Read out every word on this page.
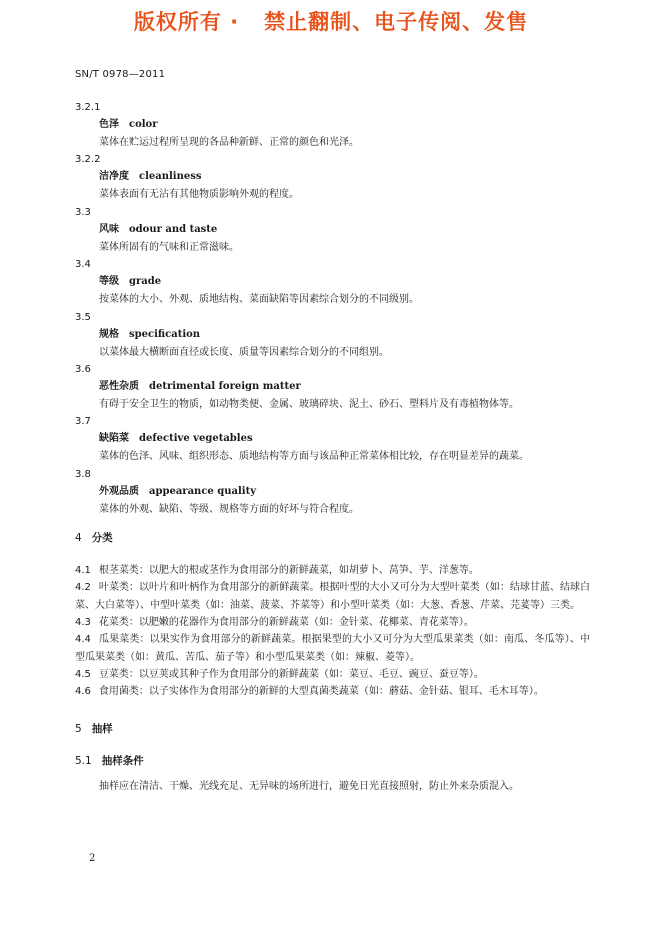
版权所有 ·   禁止翻制、电子传阅、发售
SN/T 0978—2011
3.2.1
色泽 color
菜体在贮运过程所呈现的各品种新鲜、正常的颜色和光泽。
3.2.2
洁净度 cleanliness
菜体表面有无沾有其他物质影响外观的程度。
3.3
风味 odour and taste
菜体所固有的气味和正常滋味。
3.4
等级 grade
按菜体的大小、外观、质地结构、菜面缺陷等因素综合划分的不同级别。
3.5
规格 specification
以菜体最大横断面直径或长度、质量等因素综合划分的不同组别。
3.6
恶性杂质 detrimental foreign matter
有碍于安全卫生的物质，如动物类便、金属、玻璃碎块、泥土、砂石、塑料片及有毒植物体等。
3.7
缺陷菜 defective vegetables
菜体的色泽、风味、组织形态、质地结构等方面与该品种正常菜体相比较，存在明显差异的蔬菜。
3.8
外观品质 appearance quality
菜体的外观、缺陷、等级、规格等方面的好坏与符合程度。
4 分类
4.1 根茎菜类：以肥大的根或茎作为食用部分的新鲜蔬菜，如胡萝卜、莴笋、芋、洋葱等。
4.2 叶菜类：以叶片和叶柄作为食用部分的新鲜蔬菜。根据叶型的大小又可分为大型叶菜类（如：结球甘蓝、结球白菜、大白菜等）、中型叶菜类（如：油菜、菠菜、芥菜等）和小型叶菜类（如：大葱、香葱、芹菜、芫荽等）三类。
4.3 花菜类：以肥嫩的花器作为食用部分的新鲜蔬菜（如：金针菜、花椰菜、青花菜等）。
4.4 瓜果菜类：以果实作为食用部分的新鲜蔬菜。根据果型的大小又可分为大型瓜果菜类（如：南瓜、冬瓜等）、中型瓜果菜类（如：黄瓜、苦瓜、茄子等）和小型瓜果菜类（如：辣椒、菱等）。
4.5 豆菜类：以豆荚或其种子作为食用部分的新鲜蔬菜（如：菜豆、毛豆、豌豆、蚕豆等）。
4.6 食用菌类：以子实体作为食用部分的新鲜的大型真菌类蔬菜（如：蘑菇、金针菇、银耳、毛木耳等）。
5 抽样
5.1 抽样条件
抽样应在清洁、干燥、光线充足、无异味的场所进行，避免日光直接照射，防止外来杂质混入。
2
